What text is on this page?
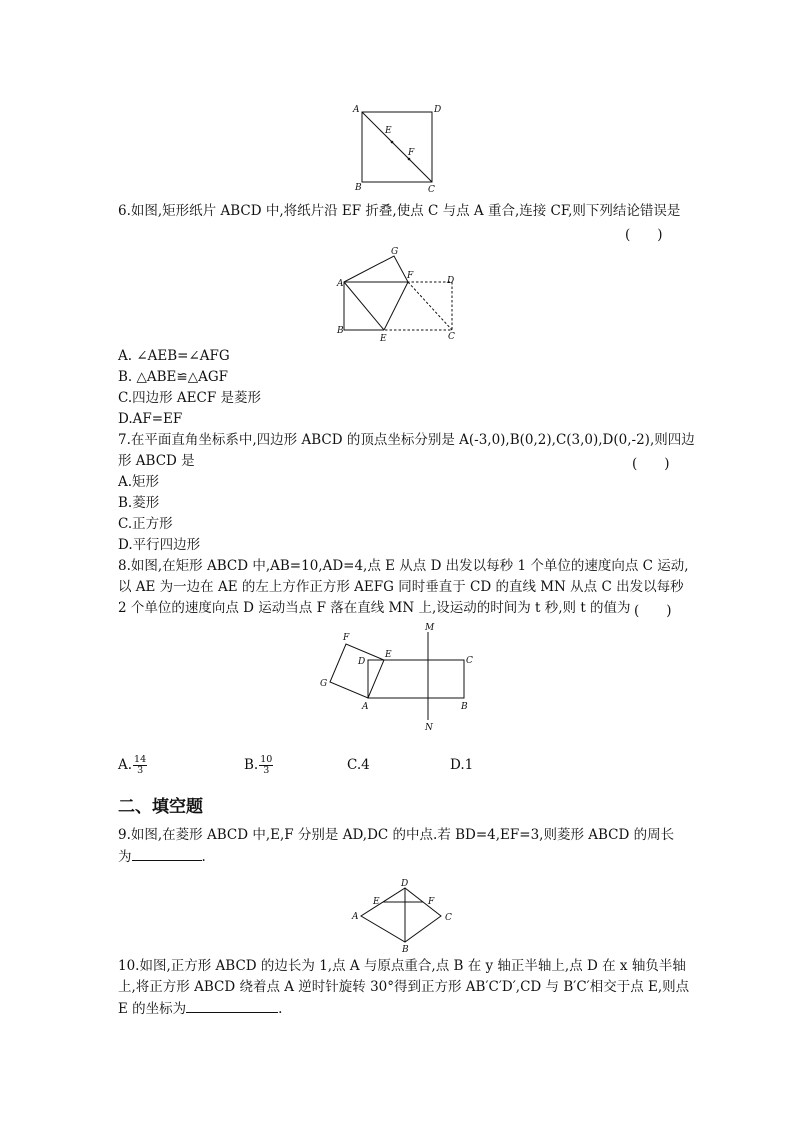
A	D
E
F
B	C
6.如图,矩形纸片 ABCD 中,将纸片沿 EF 折叠,使点 C 与点 A 重合,连接 CF,则下列结论错误是
(　　)
G
F	D
A
B
E	C
A. ∠AEB=∠AFG
B. △ABE≌△AGF
C.四边形 AECF 是菱形
D.AF=EF
7.在平面直角坐标系中,四边形 ABCD 的顶点坐标分别是 A(-3,0),B(0,2),C(3,0),D(0,-2),则四边
形 ABCD 是	(　　)
A.矩形
B.菱形
C.正方形
D.平行四边形
8.如图,在矩形 ABCD 中,AB=10,AD=4,点 E 从点 D 出发以每秒 1 个单位的速度向点 C 运动,
以 AE 为一边在 AE 的左上方作正方形 AEFG 同时垂直于 CD 的直线 MN 从点 C 出发以每秒
2 个单位的速度向点 D 运动当点 F 落在直线 MN 上,设运动的时间为 t 秒,则 t 的值为 (　　)
F
M
D
E
C
G
A	B
N
A. $\frac{14}{3}$	B. $\frac{10}{3}$	C.4	D.1
二、填空题
9.如图,在菱形 ABCD 中,E,F 分别是 AD,DC 的中点.若 BD=4,EF=3,则菱形 ABCD 的周长
为	.
D
E	F
A	C
B
10.如图,正方形 ABCD 的边长为 1,点 A 与原点重合,点 B 在 y 轴正半轴上,点 D 在 x 轴负半轴
上,将正方形 ABCD 绕着点 A 逆时针旋转 30°得到正方形 AB′C′D′,CD 与 B′C′相交于点 E,则点
E 的坐标为	.
